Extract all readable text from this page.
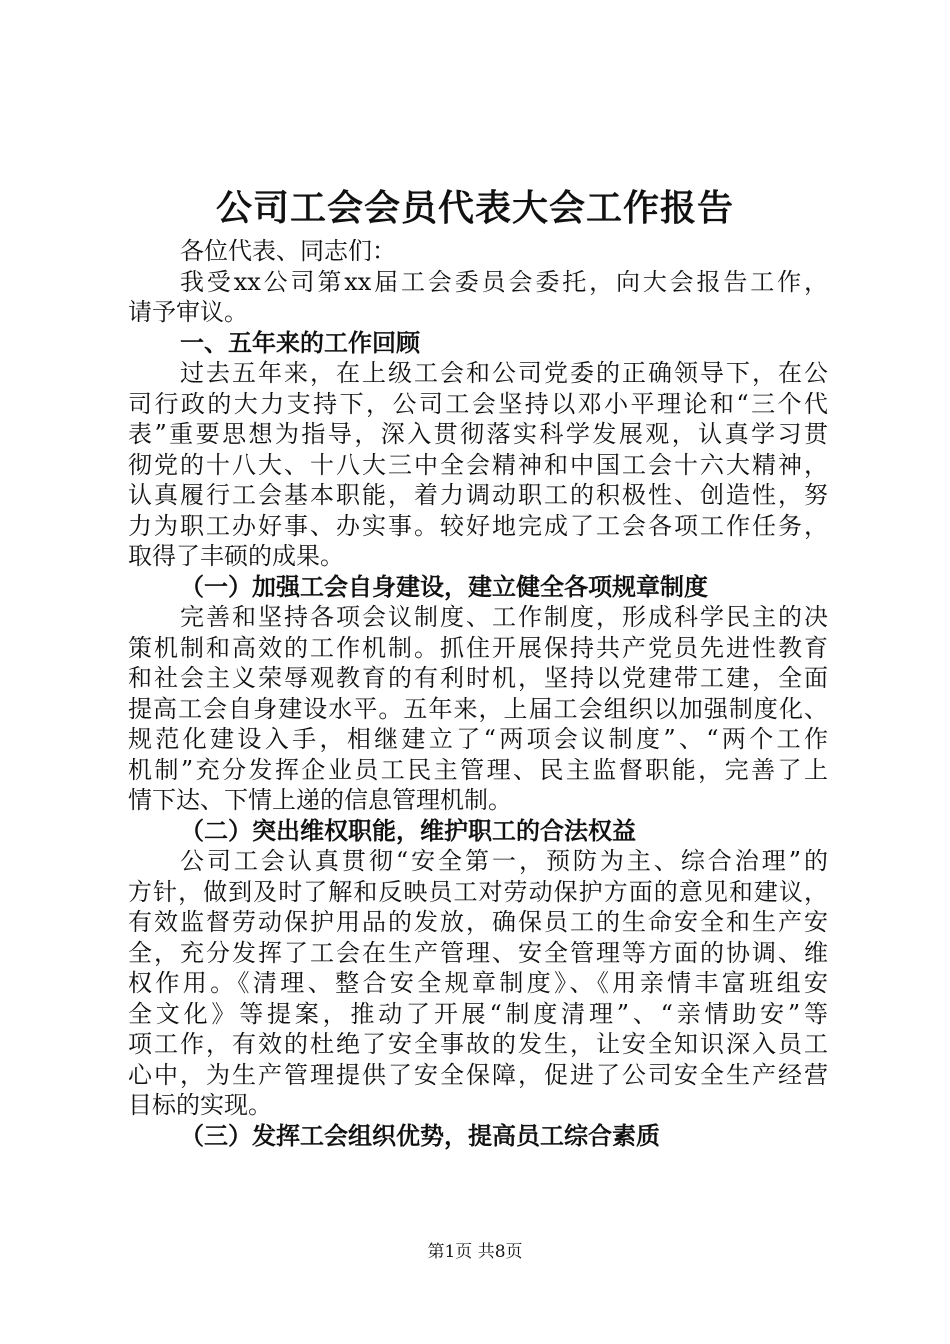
公司工会会员代表大会工作报告
各位代表、同志们：
我受xx公司第xx届工会委员会委托，向大会报告工作，
请予审议。
一、五年来的工作回顾
过去五年来，在上级工会和公司党委的正确领导下，在公
司行政的大力支持下，公司工会坚持以邓小平理论和“三个代
表”重要思想为指导，深入贯彻落实科学发展观，认真学习贯
彻党的十八大、十八大三中全会精神和中国工会十六大精神，
认真履行工会基本职能，着力调动职工的积极性、创造性，努
力为职工办好事、办实事。较好地完成了工会各项工作任务，
取得了丰硕的成果。
（一）加强工会自身建设，建立健全各项规章制度
完善和坚持各项会议制度、工作制度，形成科学民主的决
策机制和高效的工作机制。抓住开展保持共产党员先进性教育
和社会主义荣辱观教育的有利时机，坚持以党建带工建，全面
提高工会自身建设水平。五年来，上届工会组织以加强制度化、
规范化建设入手，相继建立了“两项会议制度”、“两个工作
机制”充分发挥企业员工民主管理、民主监督职能，完善了上
情下达、下情上递的信息管理机制。
（二）突出维权职能，维护职工的合法权益
公司工会认真贯彻“安全第一，预防为主、综合治理”的
方针，做到及时了解和反映员工对劳动保护方面的意见和建议，
有效监督劳动保护用品的发放，确保员工的生命安全和生产安
全，充分发挥了工会在生产管理、安全管理等方面的协调、维
权作用。《清理、整合安全规章制度》、《用亲情丰富班组安
全文化》等提案，推动了开展“制度清理”、“亲情助安”等
项工作，有效的杜绝了安全事故的发生，让安全知识深入员工
心中，为生产管理提供了安全保障，促进了公司安全生产经营
目标的实现。
（三）发挥工会组织优势，提高员工综合素质
第1页 共8页
